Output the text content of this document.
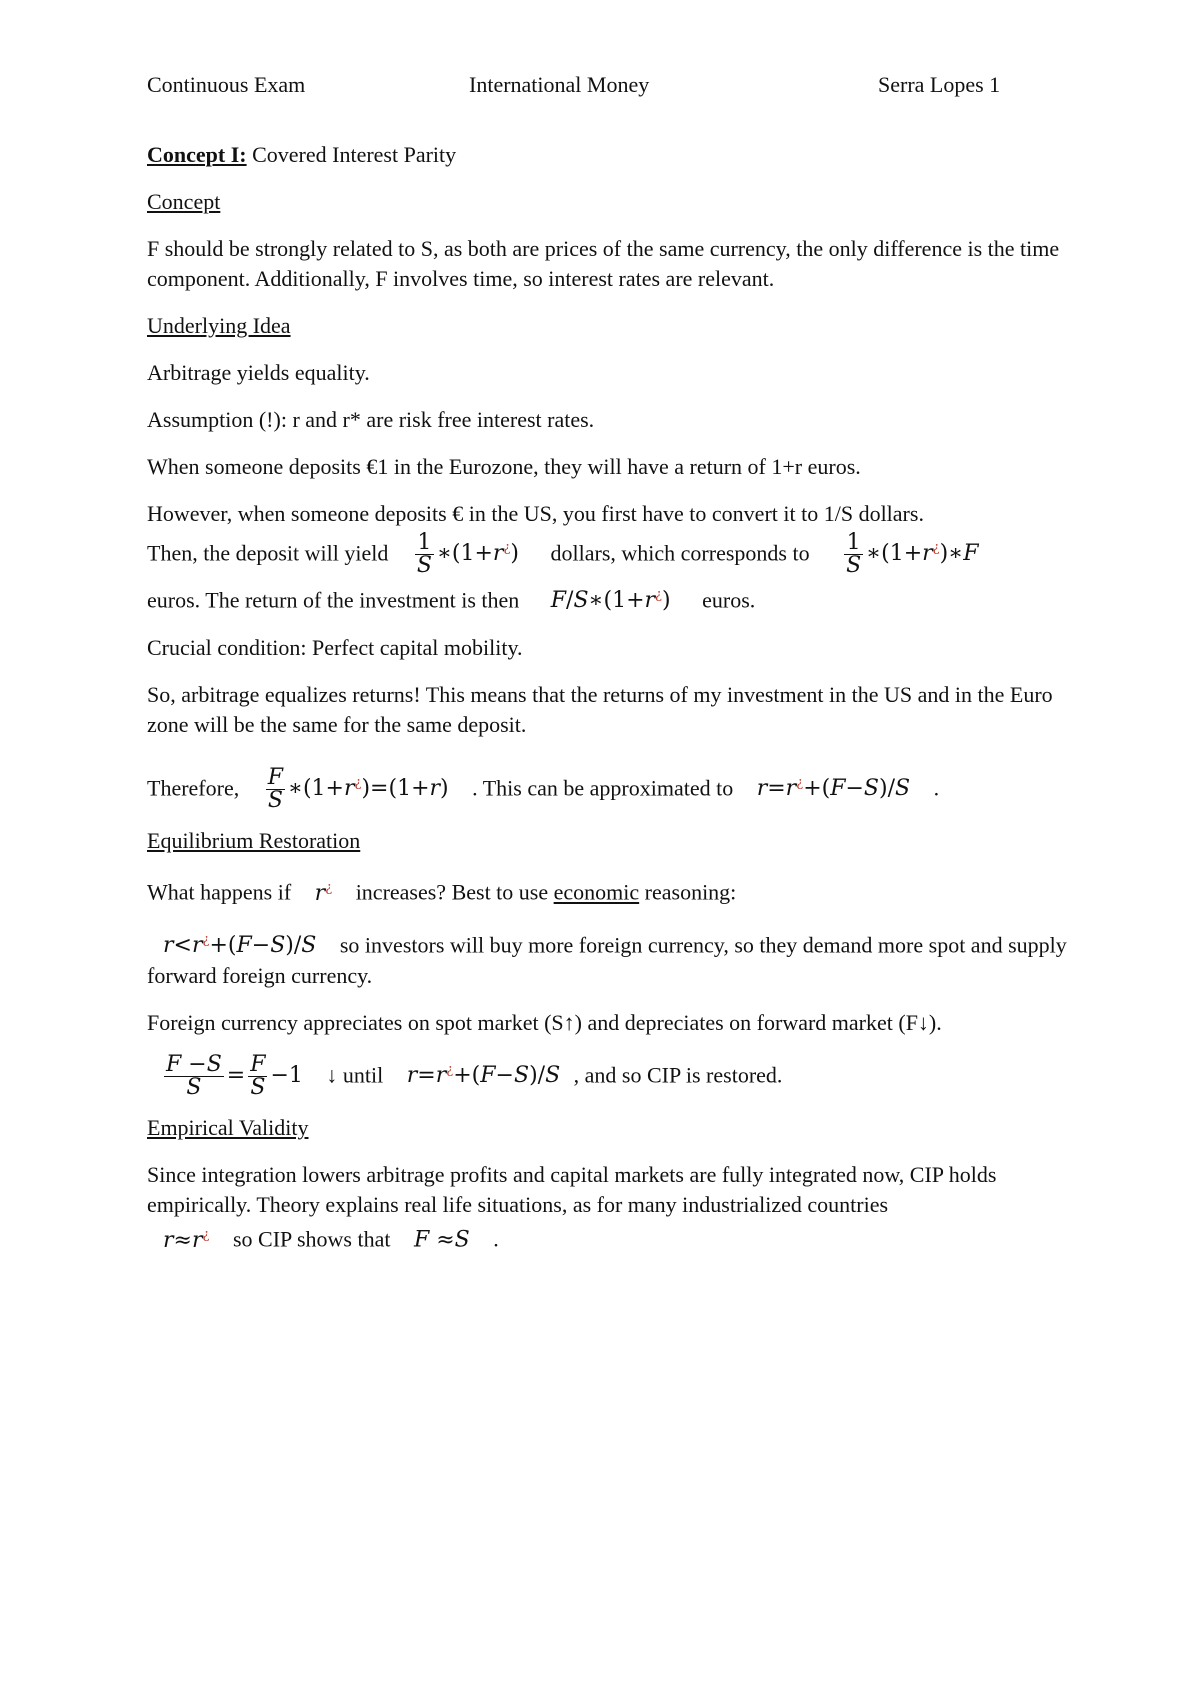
Continuous Exam	International Money	Serra Lopes 1

Concept I: Covered Interest Parity

Concept

F should be strongly related to S, as both are prices of the same currency, the only difference is the time component. Additionally, F involves time, so interest rates are relevant.

Underlying Idea

Arbitrage yields equality.

Assumption (!): r and r* are risk free interest rates.

When someone deposits €1 in the Eurozone, they will have a return of 1+r euros.

However, when someone deposits € in the US, you first have to convert it to 1/S dollars.

Then, the deposit will yield $\frac{1}{S}$ ∗(1+r¿) dollars, which corresponds to $\frac{1}{S}$ ∗(1+r¿)∗F

euros. The return of the investment is then F/S∗(1+r¿) euros.

Crucial condition: Perfect capital mobility.

So, arbitrage equalizes returns! This means that the returns of my investment in the US and in the Euro zone will be the same for the same deposit.

Therefore, $\frac{F}{S}$ ∗(1+r¿)=(1+r) . This can be approximated to r=r¿+(F−S)/S .

Equilibrium Restoration

What happens if r¿ increases? Best to use economic reasoning:

r<r¿+(F−S)/S so investors will buy more foreign currency, so they demand more spot and supply forward foreign currency.

Foreign currency appreciates on spot market (S↑) and depreciates on forward market (F↓).

$\frac{F -S}{S} = \frac{F}{S} -1$ ↓ until r=r¿+(F−S)/S , and so CIP is restored.

Empirical Validity

Since integration lowers arbitrage profits and capital markets are fully integrated now, CIP holds empirically. Theory explains real life situations, as for many industrialized countries

r≈r¿ so CIP shows that F ≈S .
